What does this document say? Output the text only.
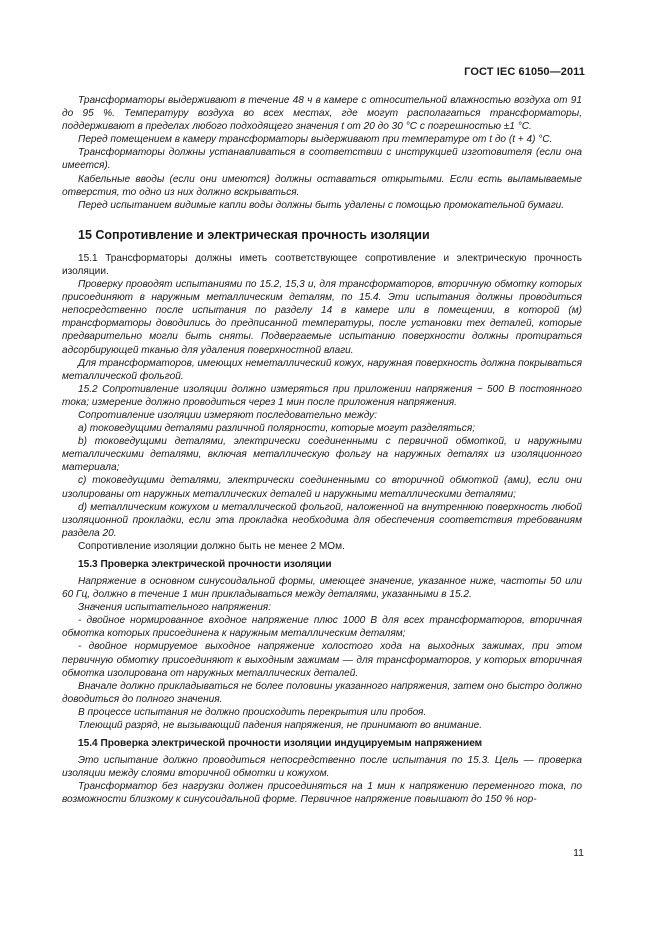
ГОСТ IEC 61050—2011

Трансформаторы выдерживают в течение 48 ч в камере с относительной влажностью воздуха от 91 до 95 %. Температуру воздуха во всех местах, где могут располагаться трансформаторы, поддерживают в пределах любого подходящего значения t от 20 до 30 °С с погрешностью ±1 °С.

Перед помещением в камеру трансформаторы выдерживают при температуре от t до (t + 4) °С.

Трансформаторы должны устанавливаться в соответствии с инструкцией изготовителя (если она имеется).

Кабельные вводы (если они имеются) должны оставаться открытыми. Если есть выламываемые отверстия, то одно из них должно вскрываться.

Перед испытанием видимые капли воды должны быть удалены с помощью промокательной бумаги.

15 Сопротивление и электрическая прочность изоляции

15.1 Трансформаторы должны иметь соответствующее сопротивление и электрическую прочность изоляции.

Проверку проводят испытаниями по 15.2, 15,3 и, для трансформаторов, вторичную обмотку которых присоединяют в наружным металлическим деталям, по 15.4. Эти испытания должны проводиться непосредственно после испытания по разделу 14 в камере или в помещении, в которой (м) трансформаторы доводились до предписанной температуры, после установки тех деталей, которые предварительно могли быть сняты. Подвергаемые испытанию поверхности должны протираться адсорбирующей тканью для удаления поверхностной влаги.

Для трансформаторов, имеющих неметаллический кожух, наружная поверхность должна покрываться металлической фольгой.

15.2 Сопротивление изоляции должно измеряться при приложении напряжения ~ 500 В постоянного тока; измерение должно проводиться через 1 мин после приложения напряжения.

Сопротивление изоляции измеряют последовательно между:

a) токоведущими деталями различной полярности, которые могут разделяться;

b) токоведущими деталями, электрически соединенными с первичной обмоткой, и наружными металлическими деталями, включая металлическую фольгу на наружных деталях из изоляционного материала;

c) токоведущими деталями, электрически соединенными со вторичной обмоткой (ами), если они изолированы от наружных металлических деталей и наружными металлическими деталями;

d) металлическим кожухом и металлической фольгой, наложенной на внутреннюю поверхность любой изоляционной прокладки, если эта прокладка необходима для обеспечения соответствия требованиям раздела 20.

Сопротивление изоляции должно быть не менее 2 МОм.

15.3 Проверка электрической прочности изоляции

Напряжение в основном синусоидальной формы, имеющее значение, указанное ниже, частоты 50 или 60 Гц, должно в течение 1 мин прикладываться между деталями, указанными в 15.2.

Значения испытательного напряжения:

- двойное нормированное входное напряжение плюс 1000 В для всех трансформаторов, вторичная обмотка которых присоединена к наружным металлическим деталям;

- двойное нормируемое выходное напряжение холостого хода на выходных зажимах, при этом первичную обмотку присоединяют к выходным зажимам — для трансформаторов, у которых вторичная обмотка изолирована от наружных металлических деталей.

Вначале должно прикладываться не более половины указанного напряжения, затем оно быстро должно доводиться до полного значения.

В процессе испытания не должно происходить перекрытия или пробоя.

Тлеющий разряд, не вызывающий падения напряжения, не принимают во внимание.

15.4 Проверка электрической прочности изоляции индуцируемым напряжением

Это испытание должно проводиться непосредственно после испытания по 15.3. Цель — проверка изоляции между слоями вторичной обмотки и кожухом.

Трансформатор без нагрузки должен присоединяться на 1 мин к напряжению переменного тока, по возможности близкому к синусоидальной форме. Первичное напряжение повышают до 150 % нор-

11
